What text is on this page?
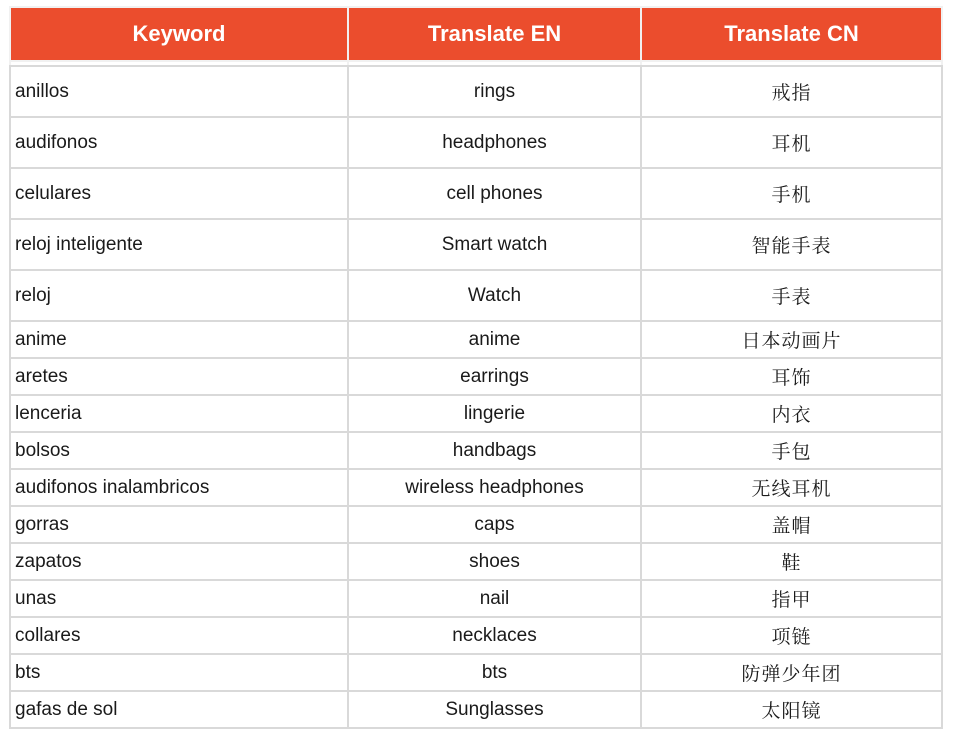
Keyword	Translate EN	Translate CN

anillos	rings	戒指
audifonos	headphones	耳机
celulares	cell phones	手机
reloj inteligente	Smart watch	智能手表
reloj	Watch	手表
anime	anime	日本动画片
aretes	earrings	耳饰
lenceria	lingerie	内衣
bolsos	handbags	手包
audifonos inalambricos	wireless headphones	无线耳机
gorras	caps	盖帽
zapatos	shoes	鞋
unas	nail	指甲
collares	necklaces	项链
bts	bts	防弹少年团
gafas de sol	Sunglasses	太阳镜
